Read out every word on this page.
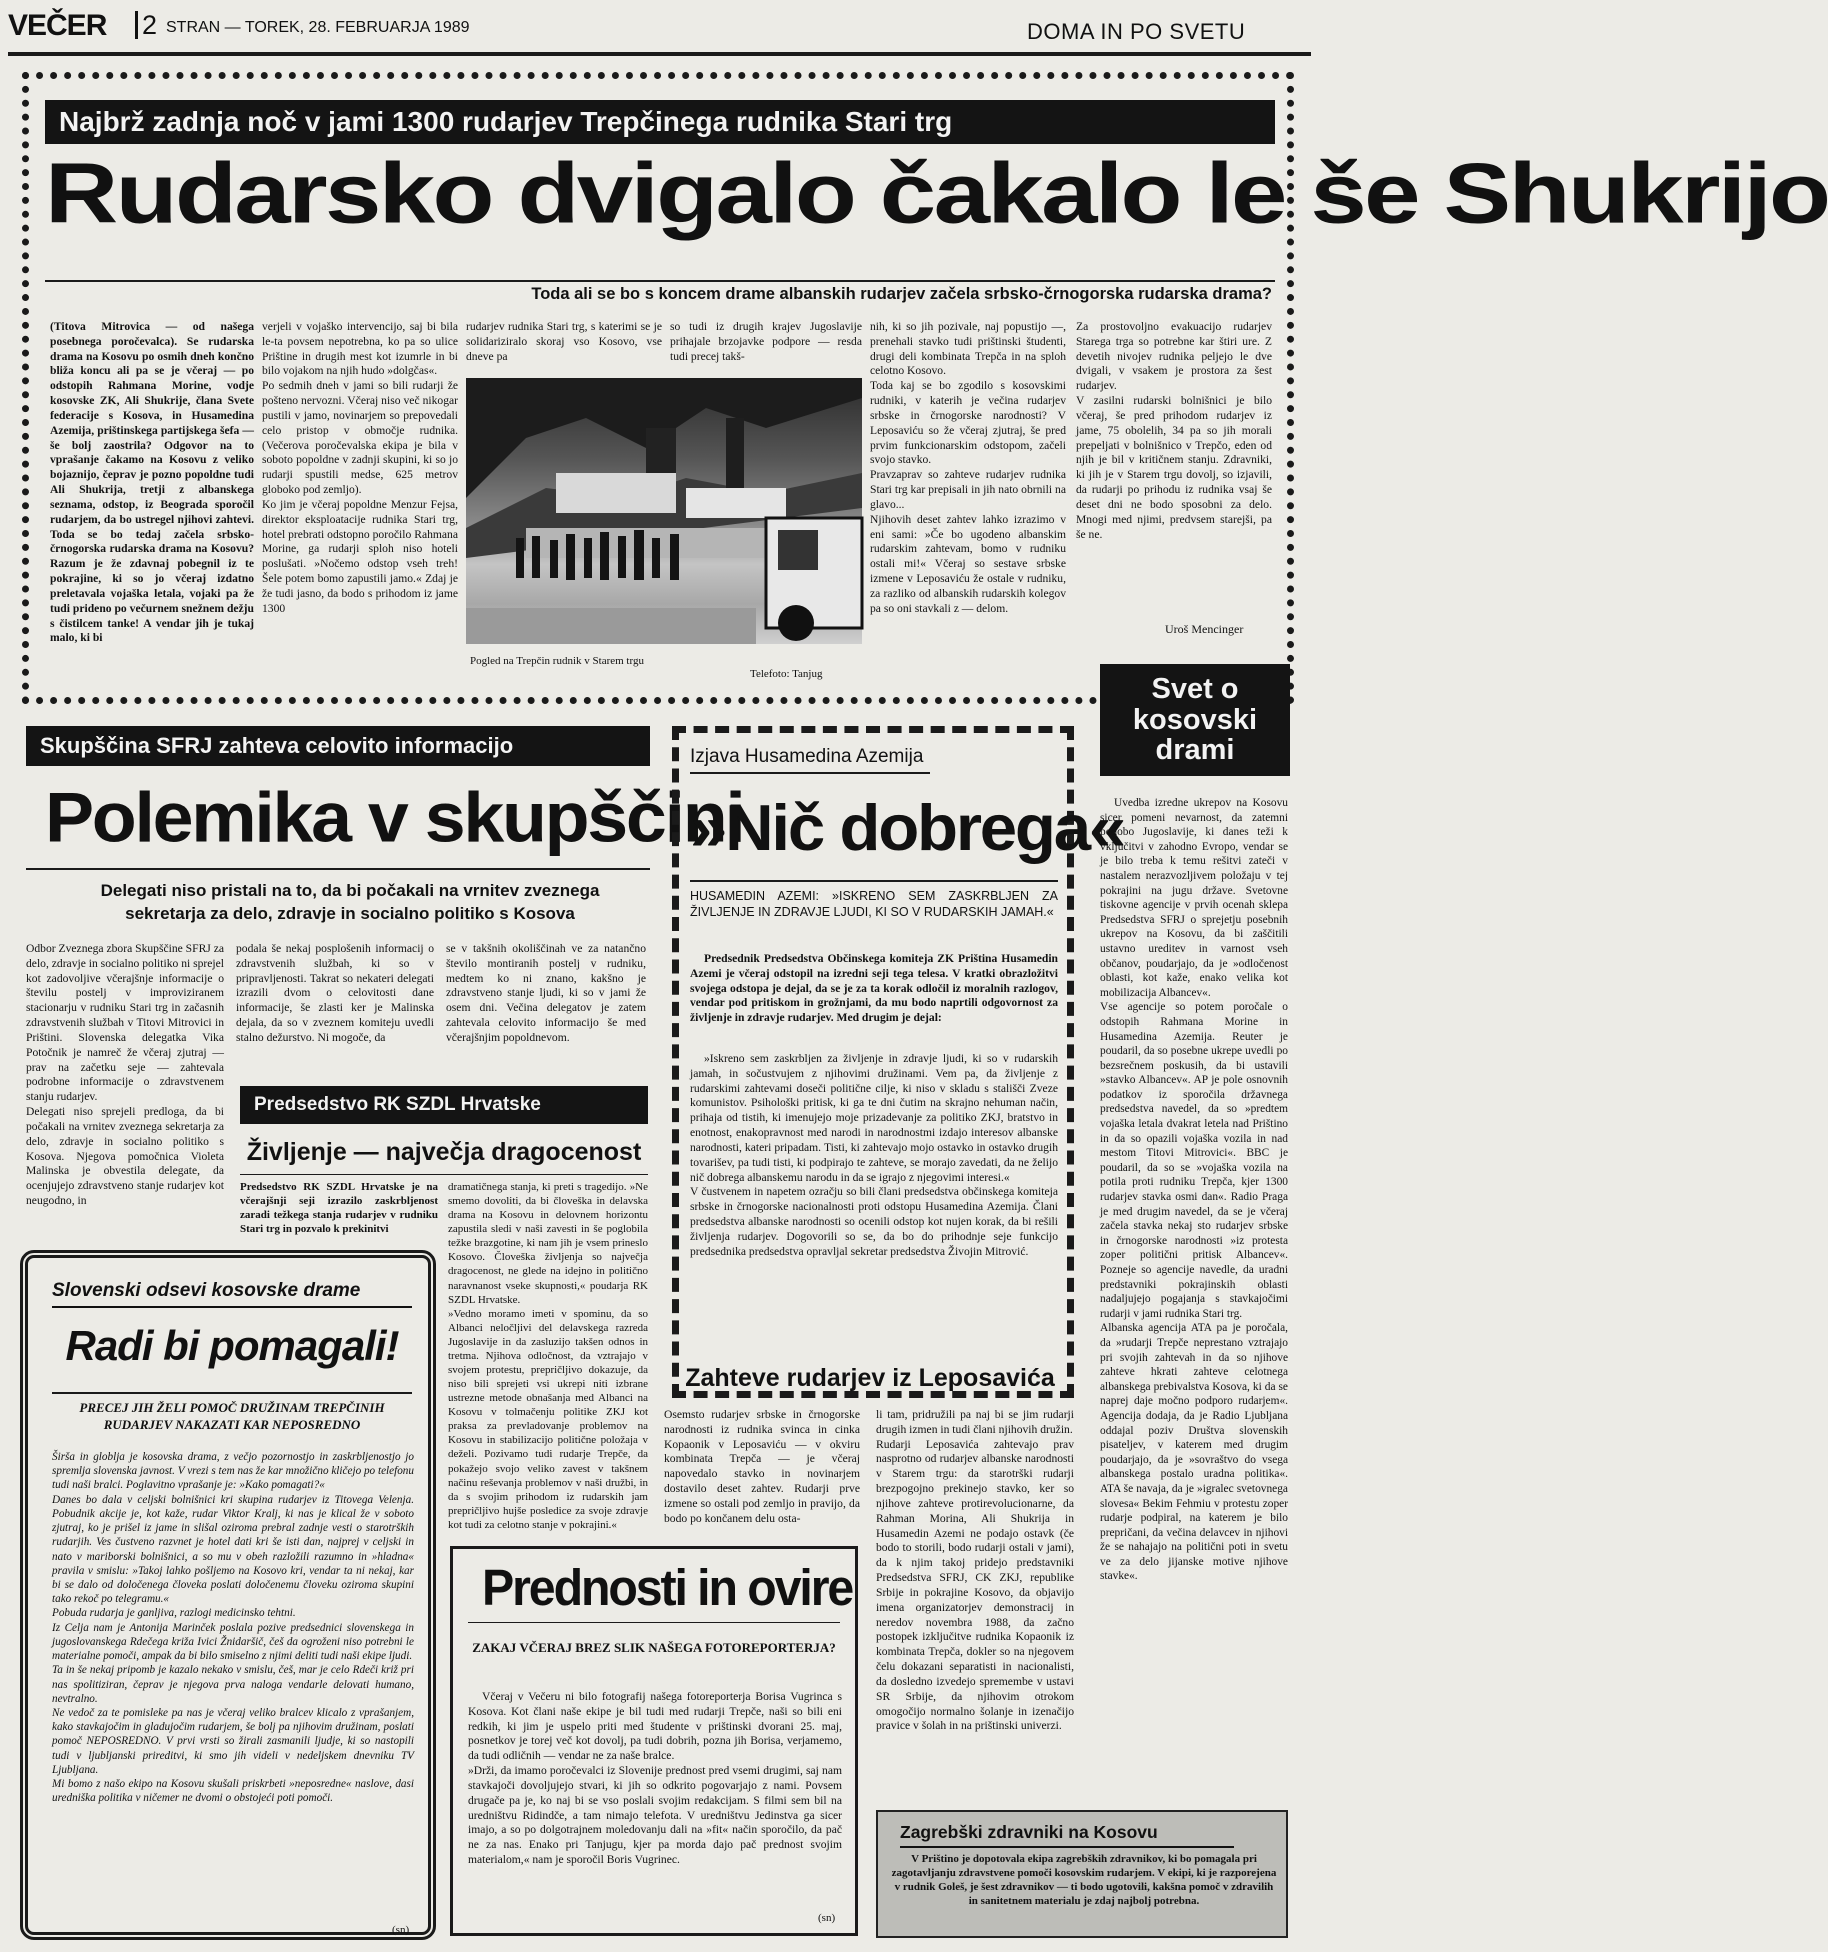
VEČER 2 STRAN — TOREK, 28. FEBRUARJA 1989	DOMA IN PO SVETU
Najbrž zadnja noč v jami 1300 rudarjev Trepčinega rudnika Stari trg
Rudarsko dvigalo čakalo le še Shukrijo
Toda ali se bo s koncem drame albanskih rudarjev začela srbsko-črnogorska rudarska drama?

(Titova Mitrovica — od našega posebnega poročevalca). Se rudarska drama na Kosovu po osmih dneh končno bliža koncu ali pa se je včeraj — po odstopih Rahmana Morine, vodje kosovske ZK, Ali Shukrije, člana Svete federacije s Kosova, in Husamedina Azemija, prištinskega partijskega šefa — še bolj zaostrila? Odgovor na to vprašanje čakamo na Kosovu z veliko bojaznijo, čeprav je pozno popoldne tudi Ali Shukrija, tretji z albanskega seznama, odstop, iz Beograda sporočil rudarjem, da bo ustregel njihovi zahtevi. Toda se bo tedaj začela srbsko-črnogorska rudarska drama na Kosovu? Razum je že zdavnaj pobegnil iz te pokrajine, ki so jo včeraj izdatno preletavala vojaška letala, vojaki pa že tudi prideno po večurnem snežnem dežju s čistilcem tanke! A vendar jih je tukaj malo, ki bi

verjeli v vojaško intervencijo, saj bi bila le-ta povsem nepotrebna, ko pa so ulice Prištine in drugih mest kot izumrle in bi bilo vojakom na njih hudo »dolgčas«.
Po sedmih dneh v jami so bili rudarji že pošteno nervozni. Včeraj niso več nikogar pustili v jamo, novinarjem so prepovedali celo pristop v območje rudnika. (Večerova poročevalska ekipa je bila v soboto popoldne v zadnji skupini, ki so jo rudarji spustili medse, 625 metrov globoko pod zemljo).
Ko jim je včeraj popoldne Menzur Fejsa, direktor eksploatacije rudnika Stari trg, hotel prebrati odstopno poročilo Rahmana Morine, ga rudarji sploh niso hoteli poslušati. »Nočemo odstop vseh treh! Šele potem bomo zapustili jamo.« Zdaj je že tudi jasno, da bodo s prihodom iz jame 1300

rudarjev rudnika Stari trg, s katerimi se je solidariziralo skoraj vso Kosovo, vse dneve pa

so tudi iz drugih krajev Jugoslavije prihajale brzojavke podpore — resda tudi precej takš-

Pogled na Trepčin rudnik v Starem trgu
Telefoto: Tanjug

nih, ki so jih pozivale, naj popustijo —, prenehali stavko tudi prištinski študenti, drugi deli kombinata Trepča in na sploh celotno Kosovo.
Toda kaj se bo zgodilo s kosovskimi rudniki, v katerih je večina rudarjev srbske in črnogorske narodnosti? V Leposaviću so že včeraj zjutraj, še pred prvim funkcionarskim odstopom, začeli svojo stavko.
Pravzaprav so zahteve rudarjev rudnika Stari trg kar prepisali in jih nato obrnili na glavo...
Njihovih deset zahtev lahko izrazimo v eni sami: »Če bo ugodeno albanskim rudarskim zahtevam, bomo v rudniku ostali mi!« Včeraj so sestave srbske izmene v Leposaviću že ostale v rudniku, za razliko od albanskih rudarskih kolegov pa so oni stavkali z — delom.

Za prostovoljno evakuacijo rudarjev Starega trga so potrebne kar štiri ure. Z devetih nivojev rudnika peljejo le dve dvigali, v vsakem je prostora za šest rudarjev.
V zasilni rudarski bolnišnici je bilo včeraj, še pred prihodom rudarjev iz jame, 75 obolelih, 34 pa so jih morali prepeljati v bolnišnico v Trepčo, eden od njih je bil v kritičnem stanju. Zdravniki, ki jih je v Starem trgu dovolj, so izjavili, da rudarji po prihodu iz rudnika vsaj še deset dni ne bodo sposobni za delo. Mnogi med njimi, predvsem starejši, pa še ne.

Uroš Mencinger
Skupščina SFRJ zahteva celovito informacijo
Polemika v skupščini
Delegati niso pristali na to, da bi počakali na vrnitev zveznega sekretarja za delo, zdravje in socialno politiko s Kosova

Odbor Zveznega zbora Skupščine SFRJ za delo, zdravje in socialno politiko ni sprejel kot zadovoljive včerajšnje informacije o številu postelj v improviziranem stacionarju v rudniku Stari trg in začasnih zdravstvenih službah v Titovi Mitrovici in Prištini. Slovenska delegatka Vika Potočnik je namreč že včeraj zjutraj — prav na začetku seje — zahtevala podrobne informacije o zdravstvenem stanju rudarjev.
Delegati niso sprejeli predloga, da bi počakali na vrnitev zveznega sekretarja za delo, zdravje in socialno politiko s Kosova. Njegova pomočnica Violeta Malinska je obvestila delegate, da ocenjujejo zdravstveno stanje rudarjev kot neugodno, in

podala še nekaj posplošenih informacij o zdravstvenih službah, ki so v pripravljenosti. Takrat so nekateri delegati izrazili dvom o celovitosti dane informacije, še zlasti ker je Malinska dejala, da so v zveznem komiteju uvedli stalno dežurstvo. Ni mogoče, da

se v takšnih okoliščinah ve za natančno število montiranih postelj v rudniku, medtem ko ni znano, kakšno je zdravstveno stanje ljudi, ki so v jami že osem dni. Večina delegatov je zatem zahtevala celovito informacijo še med včerajšnjim popoldnevom.

Predsedstvo RK SZDL Hrvatske
Življenje — največja dragocenost

Predsedstvo RK SZDL Hrvatske je na včerajšnji seji izrazilo zaskrbljenost zaradi težkega stanja rudarjev v rudniku Stari trg in pozvalo k prekinitvi

dramatičnega stanja, ki preti s tragedijo. »Ne smemo dovoliti, da bi človeška in delavska drama na Kosovu in delovnem horizontu zapustila sledi v naši zavesti in še poglobila težke brazgotine, ki nam jih je vsem prineslo Kosovo. Človeška življenja so največja dragocenost, ne glede na idejno in politično naravnanost vseke skupnosti,« poudarja RK SZDL Hrvatske.
»Vedno moramo imeti v spominu, da so Albanci neločljivi del delavskega razreda Jugoslavije in da zasluzijo takšen odnos in tretma. Njihova odločnost, da vztrajajo v svojem protestu, prepričljivo dokazuje, da niso bili sprejeti vsi ukrepi niti izbrane ustrezne metode obnašanja med Albanci na Kosovu v tolmačenju politike ZKJ kot praksa za prevladovanje problemov na Kosovu in stabilizacijo politične položaja v deželi. Pozivamo tudi rudarje Trepče, da pokažejo svojo veliko zavest v takšnem načinu reševanja problemov v naši družbi, in da s svojim prihodom iz rudarskih jam prepričljivo hujše posledice za svoje zdravje kot tudi za celotno stanje v pokrajini.«

Slovenski odsevi kosovske drame
Radi bi pomagali!
PRECEJ JIH ŽELI POMOČ DRUŽINAM TREPČINIH RUDARJEV NAKAZATI KAR NEPOSREDNO

Širša in globlja je kosovska drama, z večjo pozornostjo in zaskrbljenostjo jo spremlja slovenska javnost. V vrezi s tem nas že kar množično kličejo po telefonu tudi naši bralci. Poglavitno vprašanje je: »Kako pomagati?«
Danes bo dala v celjski bolnišnici kri skupina rudarjev iz Titovega Velenja. Pobudnik akcije je, kot kaže, rudar Viktor Kralj, ki nas je klical že v soboto zjutraj, ko je prišel iz jame in slišal oziroma prebral zadnje vesti o starotrških rudarjih. Ves čustveno razvnet je hotel dati kri še isti dan, najprej v celjski in nato v mariborski bolnišnici, a so mu v obeh razložili razumno in »hladna« pravila v smislu: »Takoj lahko pošljemo na Kosovo kri, vendar ta ni nekaj, kar bi se dalo od določenega človeka poslati določenemu človeku oziroma skupini tako rekoč po telegramu.«
Pobuda rudarja je ganljiva, razlogi medicinsko tehtni.
Iz Celja nam je Antonija Marinček poslala pozive predsednici slovenskega in jugoslovanskega Rdečega križa Ivici Žnidaršič, češ da ogroženi niso potrebni le materialne pomoči, ampak da bi bilo smiselno z njimi deliti tudi naši ekipe ljudi.
Ta in še nekaj pripomb je kazalo nekako v smislu, češ, mar je celo Rdeči križ pri nas spolitiziran, čeprav je njegova prva naloga vendarle delovati humano, nevtralno.
Ne vedoč za te pomisleke pa nas je včeraj veliko bralcev klicalo z vprašanjem, kako stavkajočim in gladujočim rudarjem, še bolj pa njihovim družinam, poslati pomoč NEPOSREDNO. V prvi vrsti so žirali zasmanili ljudje, ki so nastopili tudi v ljubljanski prireditvi, ki smo jih videli v nedeljskem dnevniku TV Ljubljana.
Mi bomo z našo ekipo na Kosovu skušali priskrbeti »neposredne« naslove, dasi uredniška politika v ničemer ne dvomi o obstojeći poti pomoči.

(sn)
Izjava Husamedina Azemija
»Nič dobrega«
HUSAMEDIN AZEMI: »ISKRENO SEM ZASKRBLJEN ZA ŽIVLJENJE IN ZDRAVJE LJUDI, KI SO V RUDARSKIH JAMAH.«

Predsednik Predsedstva Občinskega komiteja ZK Priština Husamedin Azemi je včeraj odstopil na izredni seji tega telesa. V kratki obrazložitvi svojega odstopa je dejal, da se je za ta korak odločil iz moralnih razlogov, vendar pod pritiskom in grožnjami, da mu bodo naprtili odgovornost za življenje in zdravje rudarjev. Med drugim je dejal:

»Iskreno sem zaskrbljen za življenje in zdravje ljudi, ki so v rudarskih jamah, in sočustvujem z njihovimi družinami. Vem pa, da življenje z rudarskimi zahtevami doseči politične cilje, ki niso v skladu s stališči Zveze komunistov. Psihološki pritisk, ki ga te dni čutim na skrajno nehuman način, prihaja od tistih, ki imenujejo moje prizadevanje za politiko ZKJ, bratstvo in enotnost, enakopravnost med narodi in narodnostmi izdajo interesov albanske narodnosti, kateri pripadam. Tisti, ki zahtevajo mojo ostavko in ostavko drugih tovarišev, pa tudi tisti, ki podpirajo te zahteve, se morajo zavedati, da ne želijo nič dobrega albanskemu narodu in da se igrajo z njegovimi interesi.«
V čustvenem in napetem ozračju so bili člani predsedstva občinskega komiteja srbske in črnogorske nacionalnosti proti odstopu Husamedina Azemija. Člani predsedstva albanske narodnosti so ocenili odstop kot nujen korak, da bi rešili življenja rudarjev. Dogovorili so se, da bo do prihodnje seje funkcijo predsednika predsedstva opravljal sekretar predsedstva Živojin Mitrović.

Zahteve rudarjev iz Leposavića

Osemsto rudarjev srbske in črnogorske narodnosti iz rudnika svinca in cinka Kopaonik v Leposaviću — v okviru kombinata Trepča — je včeraj napovedalo stavko in novinarjem dostavilo deset zahtev. Rudarji prve izmene so ostali pod zemljo in pravijo, da bodo po končanem delu osta-

li tam, pridružili pa naj bi se jim rudarji drugih izmen in tudi člani njihovih družin.
Rudarji Leposavića zahtevajo prav nasprotno od rudarjev albanske narodnosti v Starem trgu: da starotrški rudarji brezpogojno prekinejo stavko, ker so njihove zahteve protirevolucionarne, da Rahman Morina, Ali Shukrija in Husamedin Azemi ne podajo ostavk (če bodo to storili, bodo rudarji ostali v jami), da k njim takoj pridejo predstavniki Predsedstva SFRJ, CK ZKJ, republike Srbije in pokrajine Kosovo, da objavijo imena organizatorjev demonstracij in neredov novembra 1988, da začno postopek izključitve rudnika Kopaonik iz kombinata Trepča, dokler so na njegovem čelu dokazani separatisti in nacionalisti, da dosledno izvedejo spremembe v ustavi SR Srbije, da njihovim otrokom omogočijo normalno šolanje in izenačijo pravice v šolah in na prištinski univerzi.

Svet o kosovski drami

Uvedba izredne ukrepov na Kosovu sicer pomeni nevarnost, da zatemni podobo Jugoslavije, ki danes teži k vključitvi v zahodno Evropo, vendar se je bilo treba k temu rešitvi zateči v nastalem nerazvozljivem položaju v tej pokrajini na jugu države. Svetovne tiskovne agencije v prvih ocenah sklepa Predsedstva SFRJ o sprejetju posebnih ukrepov na Kosovu, da bi zaščitili ustavno ureditev in varnost vseh občanov, poudarjajo, da je »odločenost oblasti, kot kaže, enako velika kot mobilizacija Albancev«.
Vse agencije so potem poročale o odstopih Rahmana Morine in Husamedina Azemija. Reuter je poudaril, da so posebne ukrepe uvedli po bezsrečnem poskusih, da bi ustavili »stavko Albancev«. AP je pole osnovnih podatkov iz sporočila državnega predsedstva navedel, da so »predtem vojaška letala dvakrat letela nad Prištino in da so opazili vojaška vozila in nad mestom Titovi Mitrovici«. BBC je poudaril, da so se »vojaška vozila na potila proti rudniku Trepča, kjer 1300 rudarjev stavka osmi dan«. Radio Praga je med drugim navedel, da se je včeraj začela stavka nekaj sto rudarjev srbske in črnogorske narodnosti »iz protesta zoper politični pritisk Albancev«. Pozneje so agencije navedle, da uradni predstavniki pokrajinskih oblasti nadaljujejo pogajanja s stavkajočimi rudarji v jami rudnika Stari trg.
Albanska agencija ATA pa je poročala, da »rudarji Trepče neprestano vztrajajo pri svojih zahtevah in da so njihove zahteve hkrati zahteve celotnega albanskega prebivalstva Kosova, ki da se naprej daje močno podporo rudarjem«. Agencija dodaja, da je Radio Ljubljana oddajal poziv Društva slovenskih pisateljev, v katerem med drugim poudarjajo, da je »sovraštvo do vsega albanskega postalo uradna politika«. ATA še navaja, da je »igralec svetovnega slovesa« Bekim Fehmiu v protestu zoper rudarje podpiral, na katerem je bilo prepričani, da večina delavcev in njihovi že se nahajajo na politični poti in svetu ve za delo jijanske motive njihove stavke«.

Prednosti in ovire
ZAKAJ VČERAJ BREZ SLIK NAŠEGA FOTOREPORTERJA?

Včeraj v Večeru ni bilo fotografij našega fotoreporterja Borisa Vugrinca s Kosova. Kot člani naše ekipe je bil tudi med rudarji Trepče, naši so bili eni redkih, ki jim je uspelo priti med študente v prištinski dvorani 25. maj, posnetkov je torej več kot dovolj, pa tudi dobrih, pozna jih Borisa, verjamemo, da tudi odličnih — vendar ne za naše bralce.
»Drži, da imamo poročevalci iz Slovenije prednost pred vsemi drugimi, saj nam stavkajoči dovoljujejo stvari, ki jih so odkrito pogovarjajo z nami. Povsem drugače pa je, ko naj bi se vso poslali svojim redakcijam. S filmi sem bil na uredništvu Ridindče, a tam nimajo telefota. V uredništvu Jedinstva ga sicer imajo, a so po dolgotrajnem moledovanju dali na »fit« način sporočilo, da pač ne za nas. Enako pri Tanjugu, kjer pa morda dajo pač prednost svojim materialom,« nam je sporočil Boris Vugrinec.

(sn)
Zagrebški zdravniki na Kosovu

V Prištino je dopotovala ekipa zagrebških zdravnikov, ki bo pomagala pri zagotavljanju zdravstvene pomoči kosovskim rudarjem. V ekipi, ki je razporejena v rudnik Goleš, je šest zdravnikov — ti bodo ugotovili, kakšna pomoč v zdravilih in sanitetnem materialu je zdaj najbolj potrebna.
